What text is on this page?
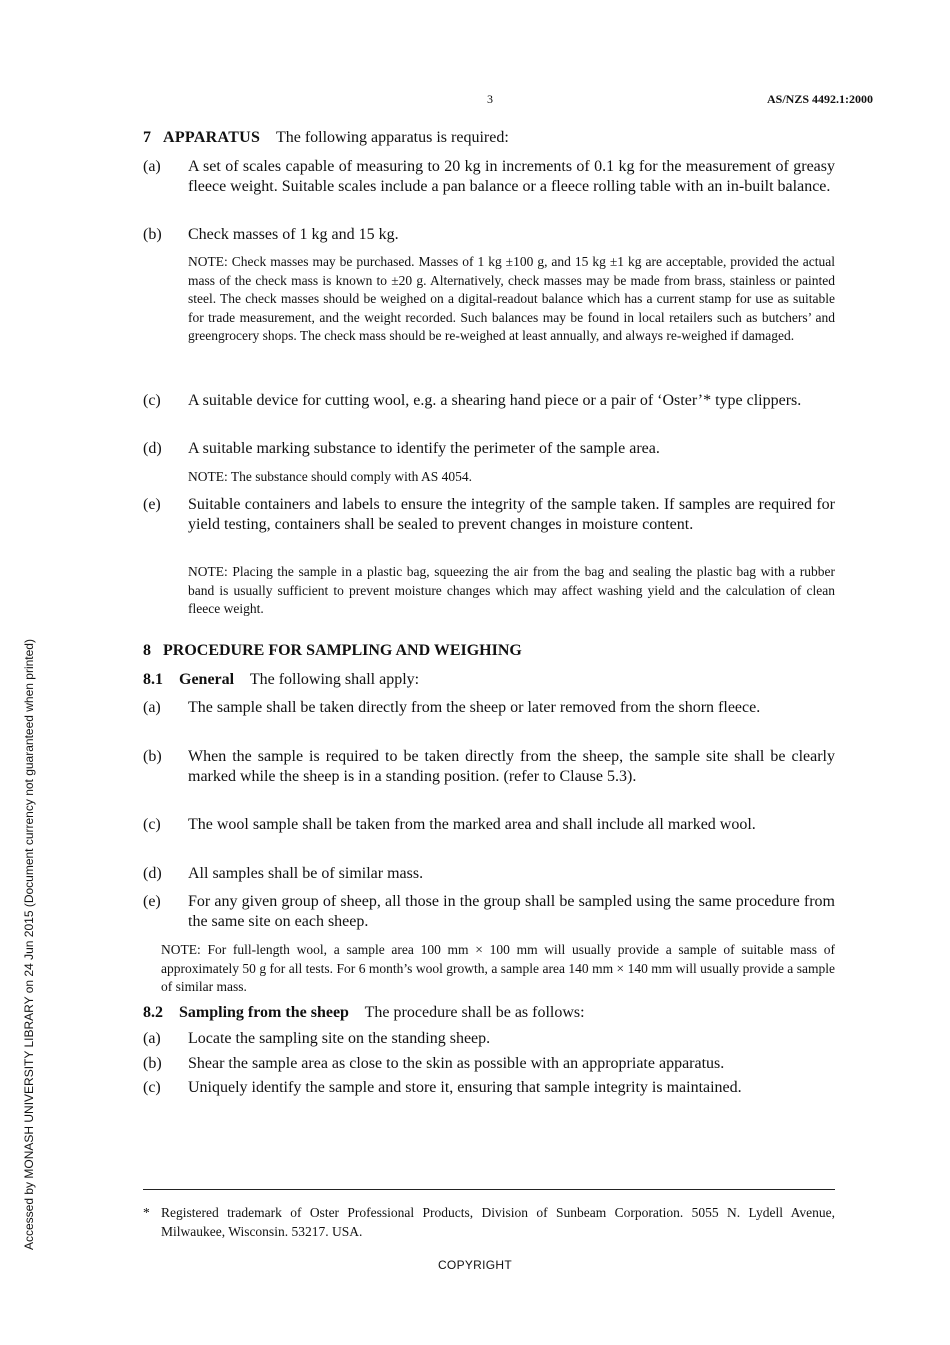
3	AS/NZS 4492.1:2000
7 APPARATUS The following apparatus is required:
(a)	A set of scales capable of measuring to 20 kg in increments of 0.1 kg for the measurement of greasy fleece weight. Suitable scales include a pan balance or a fleece rolling table with an in-built balance.
(b)	Check masses of 1 kg and 15 kg.
NOTE: Check masses may be purchased. Masses of 1 kg ±100 g, and 15 kg ±1 kg are acceptable, provided the actual mass of the check mass is known to ±20 g. Alternatively, check masses may be made from brass, stainless or painted steel. The check masses should be weighed on a digital-readout balance which has a current stamp for use as suitable for trade measurement, and the weight recorded. Such balances may be found in local retailers such as butchers’ and greengrocery shops. The check mass should be re-weighed at least annually, and always re-weighed if damaged.
(c)	A suitable device for cutting wool, e.g. a shearing hand piece or a pair of ‘Oster’* type clippers.
(d)	A suitable marking substance to identify the perimeter of the sample area.
NOTE: The substance should comply with AS 4054.
(e)	Suitable containers and labels to ensure the integrity of the sample taken. If samples are required for yield testing, containers shall be sealed to prevent changes in moisture content.
NOTE: Placing the sample in a plastic bag, squeezing the air from the bag and sealing the plastic bag with a rubber band is usually sufficient to prevent moisture changes which may affect washing yield and the calculation of clean fleece weight.
8 PROCEDURE FOR SAMPLING AND WEIGHING
8.1 General The following shall apply:
(a)	The sample shall be taken directly from the sheep or later removed from the shorn fleece.
(b)	When the sample is required to be taken directly from the sheep, the sample site shall be clearly marked while the sheep is in a standing position. (refer to Clause 5.3).
(c)	The wool sample shall be taken from the marked area and shall include all marked wool.
(d)	All samples shall be of similar mass.
(e)	For any given group of sheep, all those in the group shall be sampled using the same procedure from the same site on each sheep.
NOTE: For full-length wool, a sample area 100 mm × 100 mm will usually provide a sample of suitable mass of approximately 50 g for all tests. For 6 month’s wool growth, a sample area 140 mm × 140 mm will usually provide a sample of similar mass.
8.2 Sampling from the sheep The procedure shall be as follows:
(a)	Locate the sampling site on the standing sheep.
(b)	Shear the sample area as close to the skin as possible with an appropriate apparatus.
(c)	Uniquely identify the sample and store it, ensuring that sample integrity is maintained.
* Registered trademark of Oster Professional Products, Division of Sunbeam Corporation. 5055 N. Lydell Avenue, Milwaukee, Wisconsin. 53217. USA.
COPYRIGHT
Accessed by MONASH UNIVERSITY LIBRARY on 24 Jun 2015 (Document currency not guaranteed when printed)
